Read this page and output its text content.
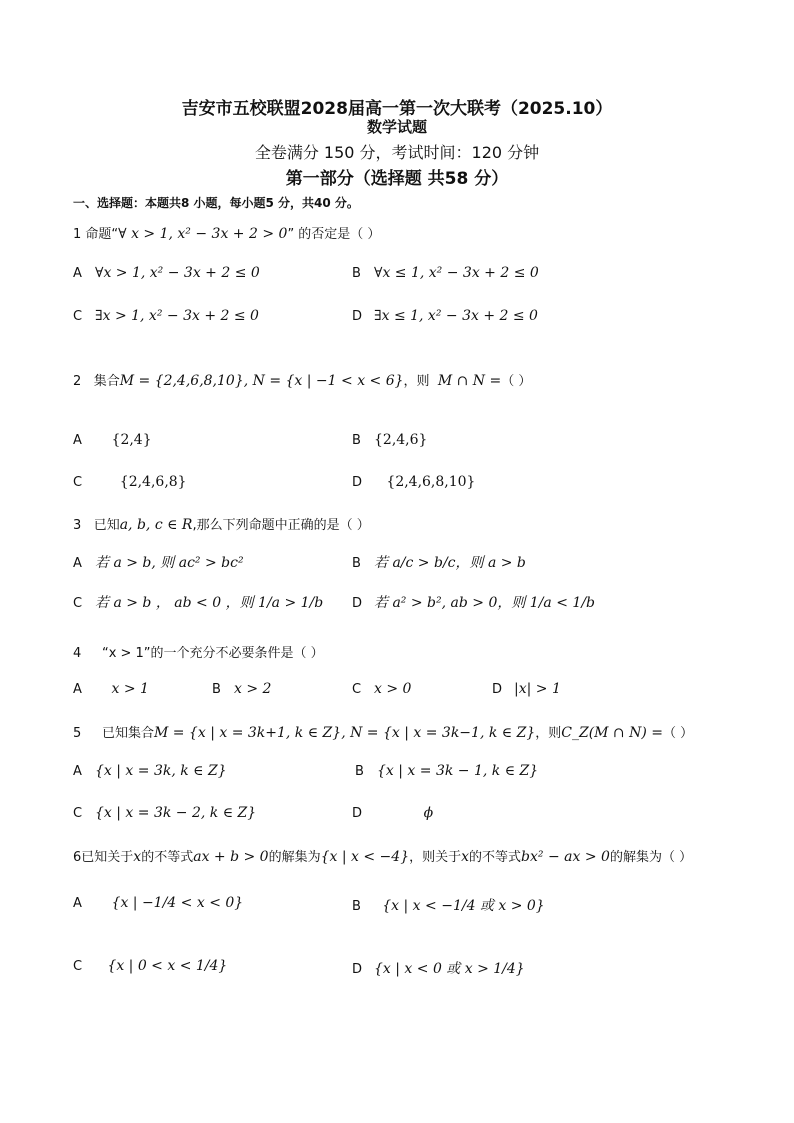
吉安市五校联盟2028届高一第一次大联考（2025.10）
数学试题
全卷满分 150 分，考试时间：120 分钟
第一部分（选择题 共58 分）
一、选择题：本题共8 小题，每小题5 分，共40 分。
1 命题“∀ x > 1, x² − 3x + 2 > 0” 的否定是（ ）
A ∀x > 1, x² − 3x + 2 ≤ 0	B ∀x ≤ 1, x² − 3x + 2 ≤ 0
C ∃x > 1, x² − 3x + 2 ≤ 0	D ∃x ≤ 1, x² − 3x + 2 ≤ 0
2 集合M = {2,4,6,8,10}, N = {x | −1 < x < 6}，则 M ∩ N =（ ）
A {2,4}	B {2,4,6}
C	{2,4,6,8}	D {2,4,6,8,10}
3 已知a, b, c ∈ R,那么下列命题中正确的是（ ）
A 若 a > b, 则 ac² > bc²	B 若 a/c > b/c，则 a > b
C 若 a > b ， ab < 0 ，则 1/a > 1/b D 若 a² > b², ab > 0，则 1/a < 1/b
4 “x > 1”的一个充分不必要条件是（ ）
A x > 1	B x > 2	C x > 0	D |x| > 1
5 已知集合M = {x | x = 3k+1, k ∈ Z}, N = {x | x = 3k−1, k ∈ Z}，则C_Z(M ∩ N) =（ ）
A {x | x = 3k, k ∈ Z}	B {x | x = 3k − 1, k ∈ Z}
C {x | x = 3k − 2, k ∈ Z}	D	ϕ
6已知关于x的不等式ax + b > 0的解集为{x | x < −4}，则关于x的不等式bx² − ax > 0的解集为（ ）
A {x | −1/4 < x < 0}	B {x | x < −1/4 或 x > 0}
C {x | 0 < x < 1/4}	D {x | x < 0 或 x > 1/4}
